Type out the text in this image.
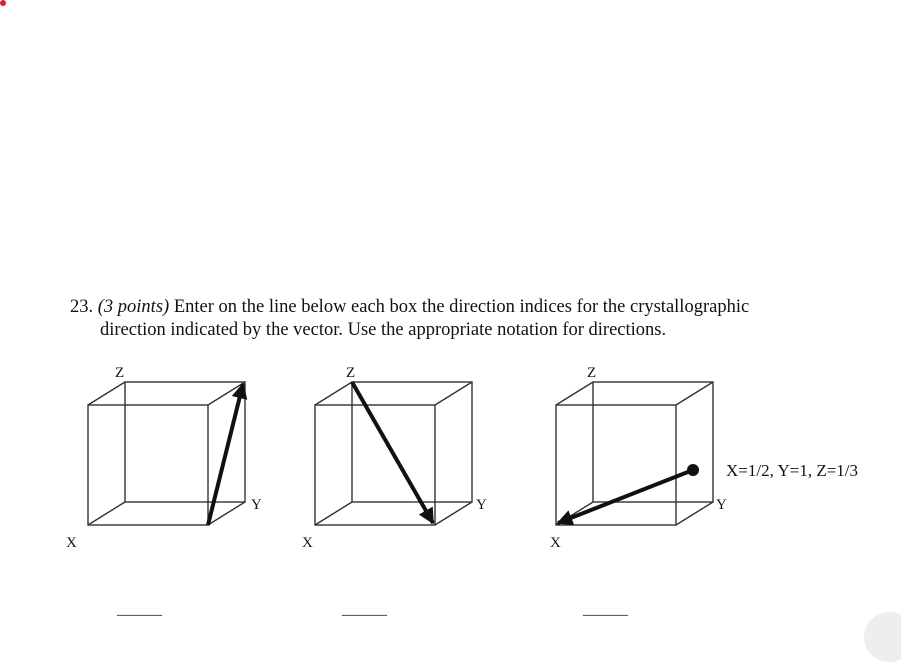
23. (3 points) Enter on the line below each box the direction indices for the crystallographic
direction indicated by the vector. Use the appropriate notation for directions.
Z
Y
X
______
Z
Y
X
______
Z
Y
X
X=1/2, Y=1, Z=1/3
______
